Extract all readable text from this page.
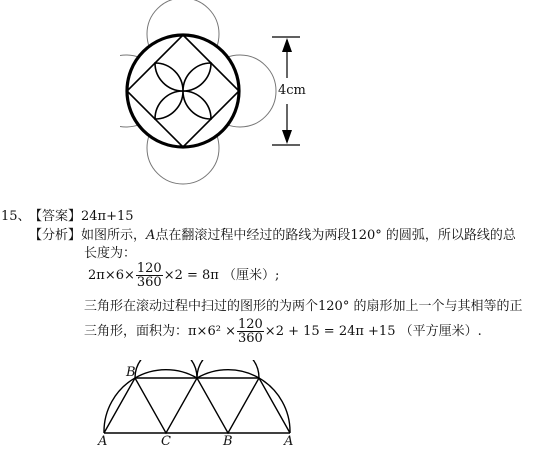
4cm
15、
【答案】24π+15
【分析】如图所示，A点在翻滚过程中经过的路线为两段120° 的圆弧，所以路线的总
长度为：
$2\pi\times 6\times \frac{120}{360} \times 2 = 8\pi$ （厘米）;
三角形在滚动过程中扫过的图形的为两个120° 的扇形加上一个与其相等的正
三角形，面积为：$\pi\times 6^2 \times \frac{120}{360} \times 2 + 15 = 24\pi +15$ （平方厘米）.
B
A	C	B	A
